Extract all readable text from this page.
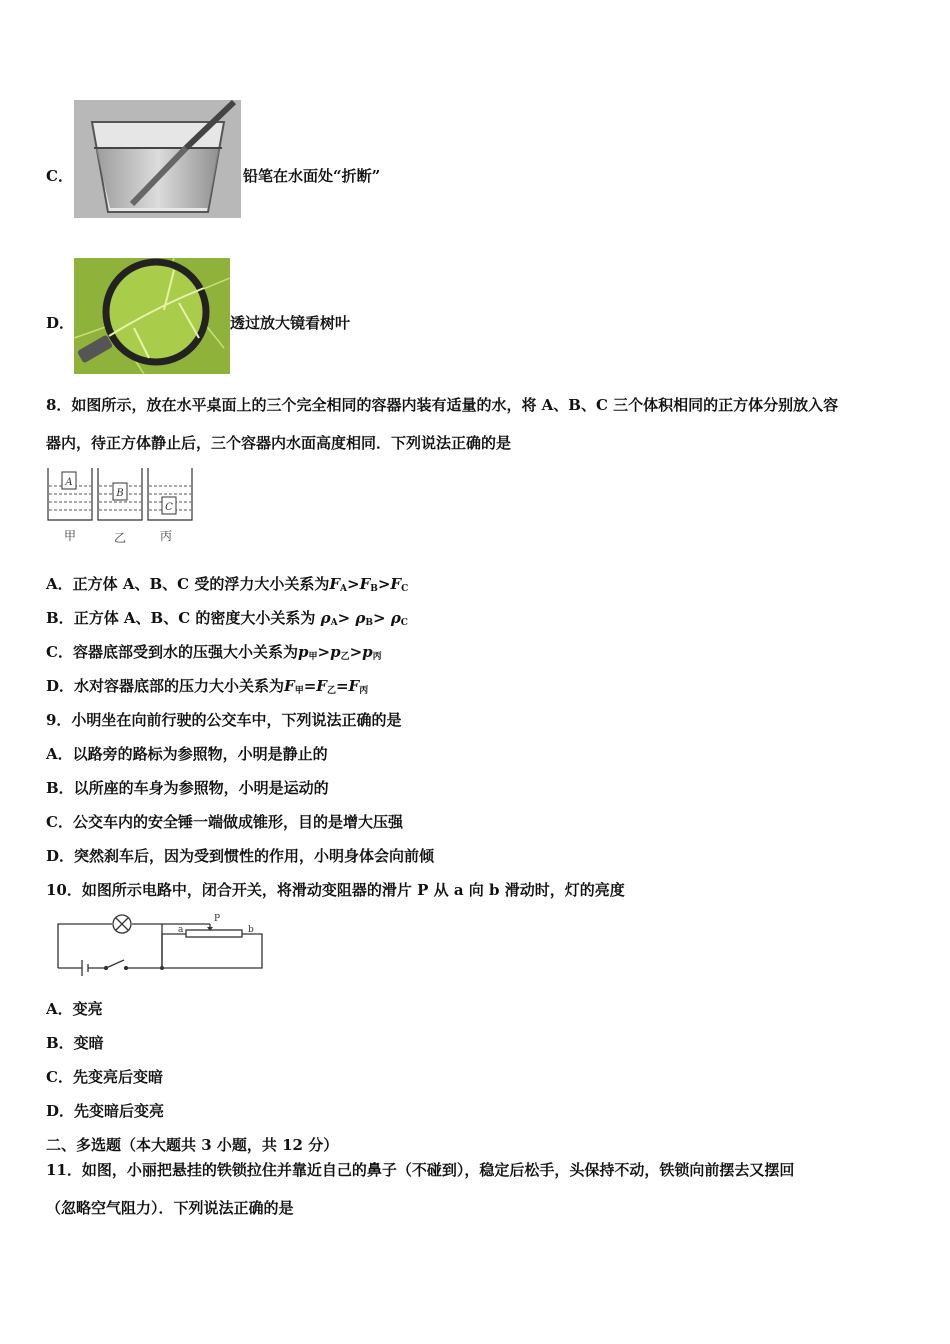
C．	铅笔在水面处“折断”
D．	透过放大镜看树叶
8．如图所示，放在水平桌面上的三个完全相同的容器内装有适量的水，将 A、B、C 三个体积相同的正方体分别放入容
器内，待正方体静止后，三个容器内水面高度相同．下列说法正确的是
A
B
C
甲	乙	丙
A．正方体 A、B、C 受的浮力大小关系为$F_A>F_B>F_C$
B．正方体 A、B、C 的密度大小关系为 $\rho_A> \rho_B> \rho_C$
C．容器底部受到水的压强大小关系为$p_甲>p_乙>p_丙$
D．水对容器底部的压力大小关系为$F_甲=F_乙=F_丙$
9．小明坐在向前行驶的公交车中，下列说法正确的是
A．以路旁的路标为参照物，小明是静止的
B．以所座的车身为参照物，小明是运动的
C．公交车内的安全锤一端做成锥形，目的是增大压强
D．突然刹车后，因为受到惯性的作用，小明身体会向前倾
10．如图所示电路中，闭合开关，将滑动变阻器的滑片 P 从 a 向 b 滑动时，灯的亮度
P
a	b
A．变亮
B．变暗
C．先变亮后变暗
D．先变暗后变亮
二、多选题（本大题共 3 小题，共 12 分）
11．如图，小丽把悬挂的铁锁拉住并靠近自己的鼻子（不碰到），稳定后松手，头保持不动，铁锁向前摆去又摆回
（忽略空气阻力）．下列说法正确的是
